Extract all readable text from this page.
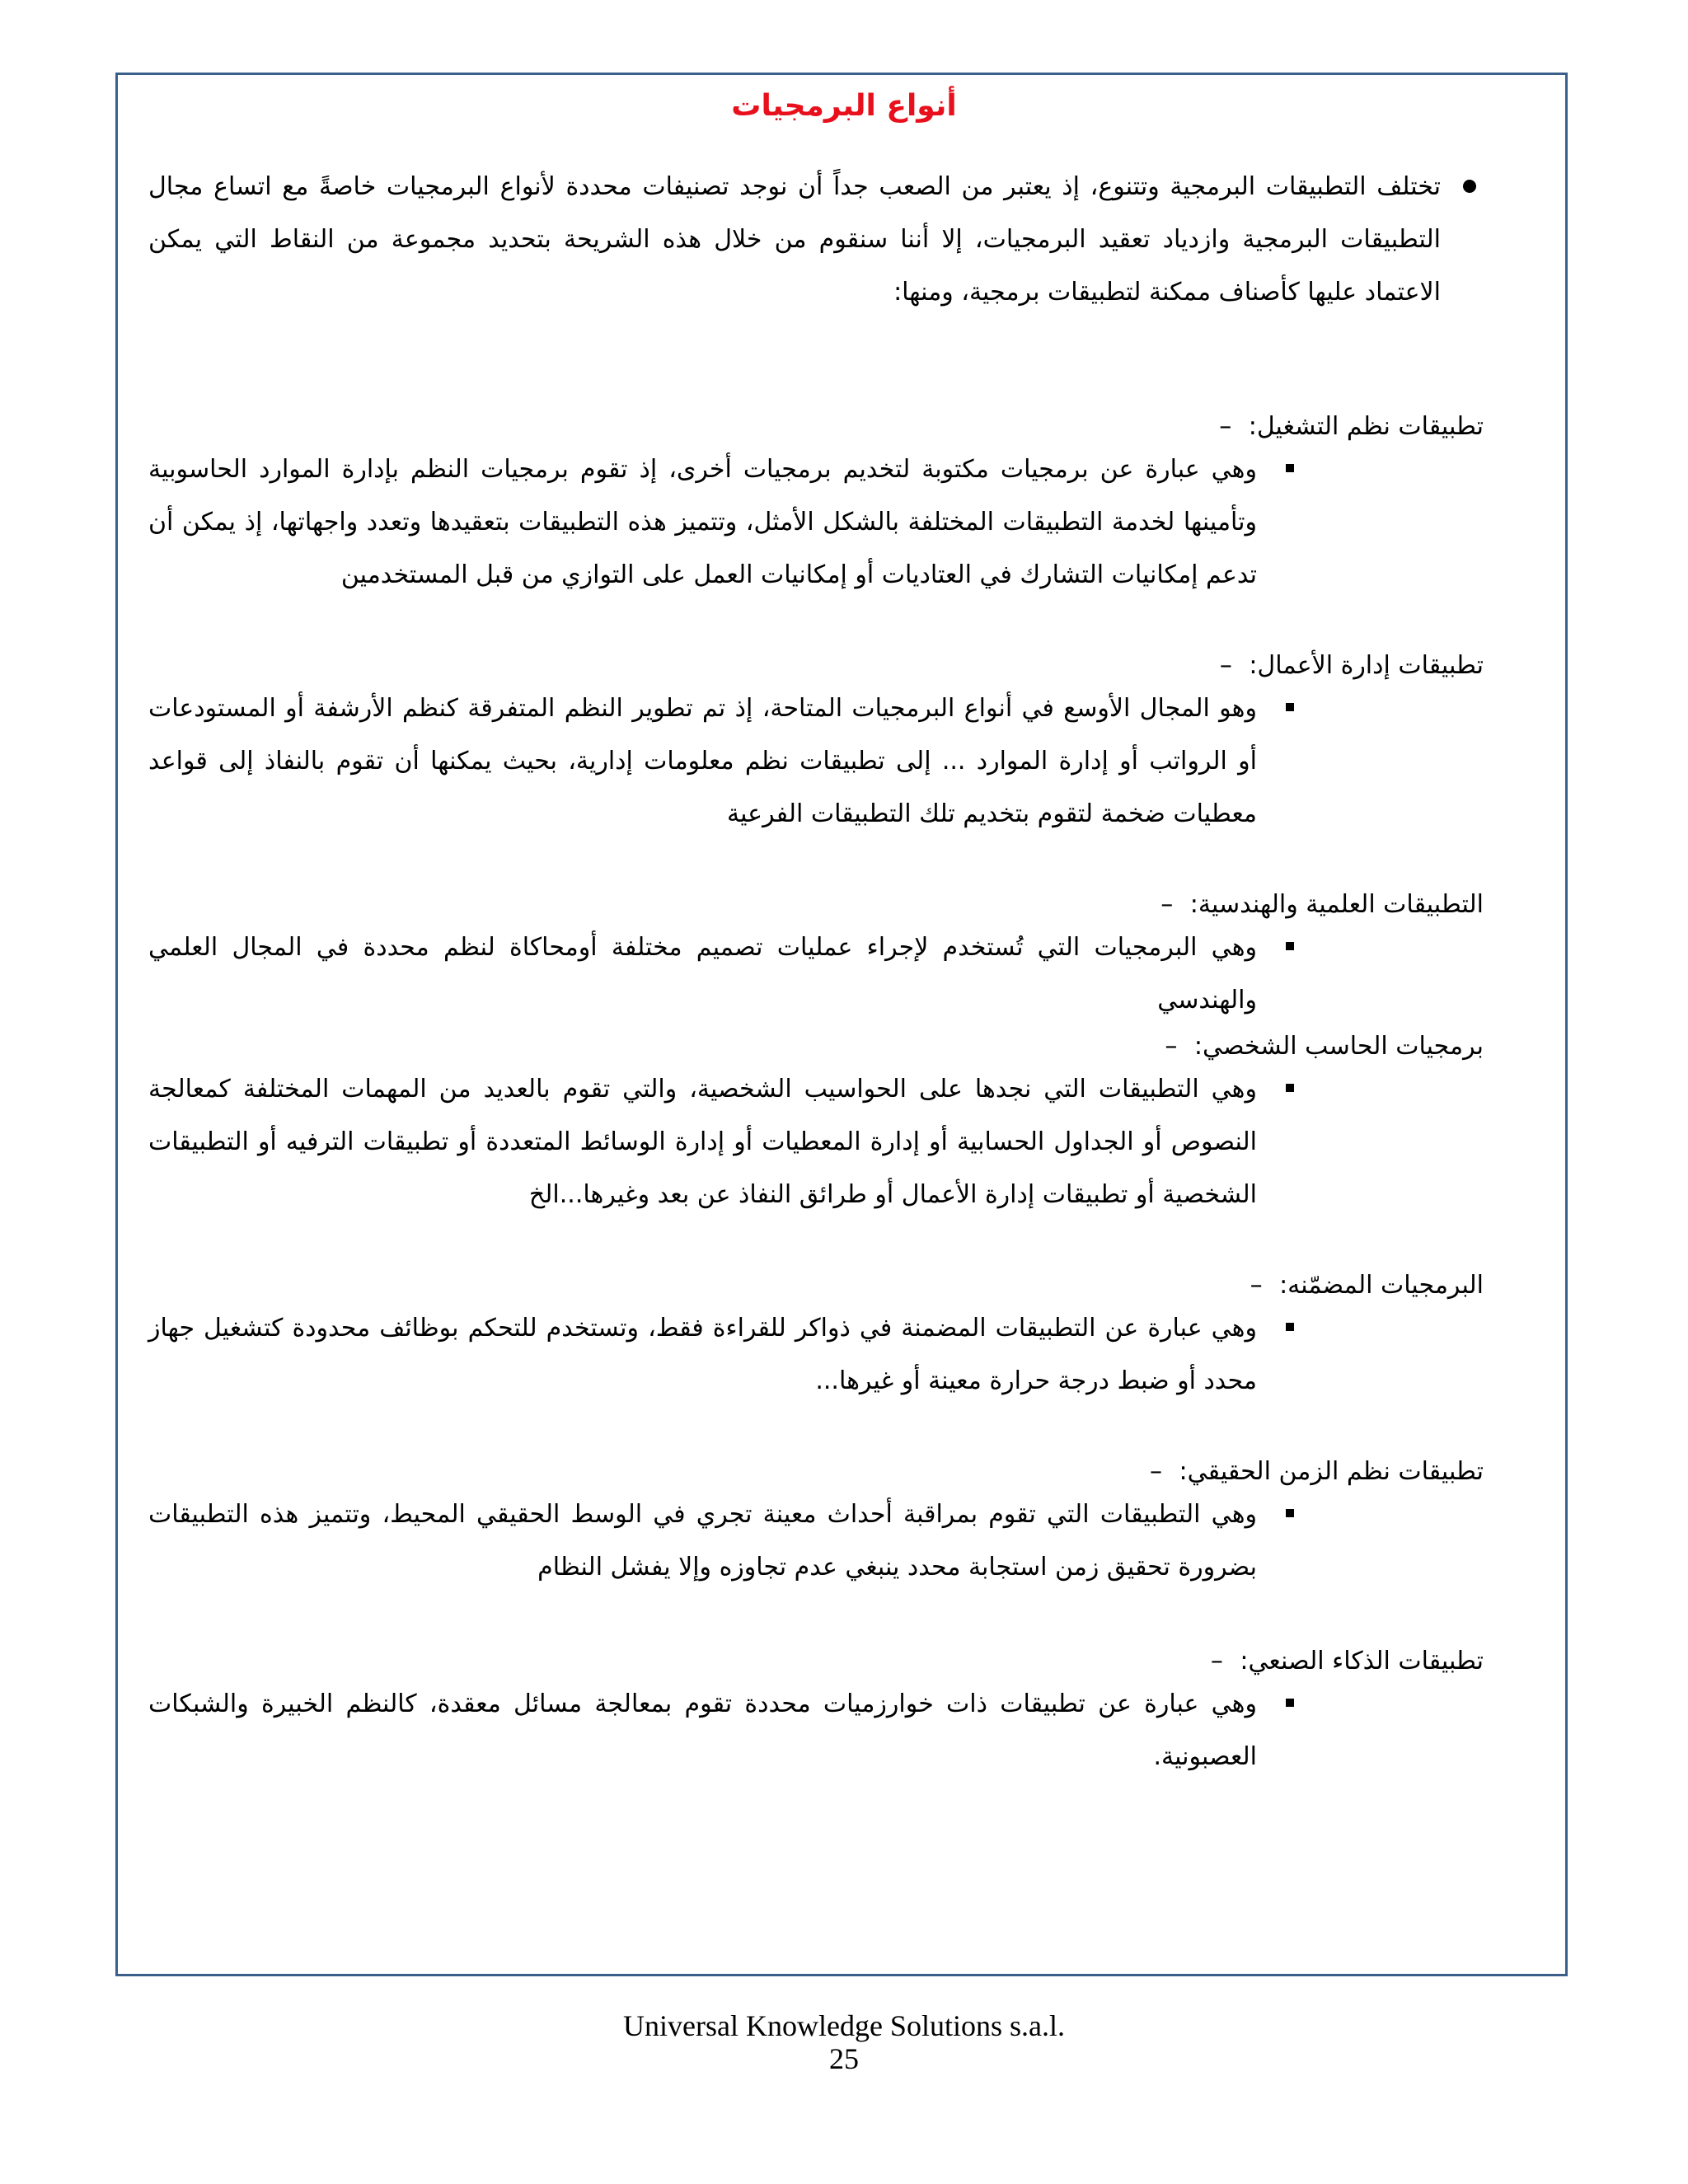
أنواع البرمجيات
تختلف التطبيقات البرمجية وتتنوع، إذ يعتبر من الصعب جداً أن نوجد تصنيفات محددة لأنواع البرمجيات خاصةً مع اتساع مجال التطبيقات البرمجية وازدياد تعقيد البرمجيات، إلا أننا سنقوم من خلال هذه الشريحة بتحديد مجموعة من النقاط التي يمكن الاعتماد عليها كأصناف ممكنة لتطبيقات برمجية، ومنها:
تطبيقات نظم التشغيل:–
وهي عبارة عن برمجيات مكتوبة لتخديم برمجيات أخرى، إذ تقوم برمجيات النظم بإدارة الموارد الحاسوبية وتأمينها لخدمة التطبيقات المختلفة بالشكل الأمثل، وتتميز هذه التطبيقات بتعقيدها وتعدد واجهاتها، إذ يمكن أن تدعم إمكانيات التشارك في العتاديات أو إمكانيات العمل على التوازي من قبل المستخدمين
تطبيقات إدارة الأعمال:–
وهو المجال الأوسع في أنواع البرمجيات المتاحة، إذ تم تطوير النظم المتفرقة كنظم الأرشفة أو المستودعات أو الرواتب أو إدارة الموارد ... إلى تطبيقات نظم معلومات إدارية، بحيث يمكنها أن تقوم بالنفاذ إلى قواعد معطيات ضخمة لتقوم بتخديم تلك التطبيقات الفرعية
التطبيقات العلمية والهندسية:–
وهي البرمجيات التي تُستخدم لإجراء عمليات تصميم مختلفة أومحاكاة لنظم محددة في المجال العلمي والهندسي
برمجيات الحاسب الشخصي:–
وهي التطبيقات التي نجدها على الحواسيب الشخصية، والتي تقوم بالعديد من المهمات المختلفة كمعالجة النصوص أو الجداول الحسابية أو إدارة المعطيات أو إدارة الوسائط المتعددة أو تطبيقات الترفيه أو التطبيقات الشخصية أو تطبيقات إدارة الأعمال أو طرائق النفاذ عن بعد وغيرها...الخ
البرمجيات المضمّنه:–
وهي عبارة عن التطبيقات المضمنة في ذواكر للقراءة فقط، وتستخدم للتحكم بوظائف محدودة كتشغيل جهاز محدد أو ضبط درجة حرارة معينة أو غيرها...
تطبيقات نظم الزمن الحقيقي:–
وهي التطبيقات التي تقوم بمراقبة أحداث معينة تجري في الوسط الحقيقي المحيط، وتتميز هذه التطبيقات بضرورة تحقيق زمن استجابة محدد ينبغي عدم تجاوزه وإلا يفشل النظام
تطبيقات الذكاء الصنعي:–
وهي عبارة عن تطبيقات ذات خوارزميات محددة تقوم بمعالجة مسائل معقدة، كالنظم الخبيرة والشبكات العصبونية.
Universal Knowledge Solutions s.a.l.
25
